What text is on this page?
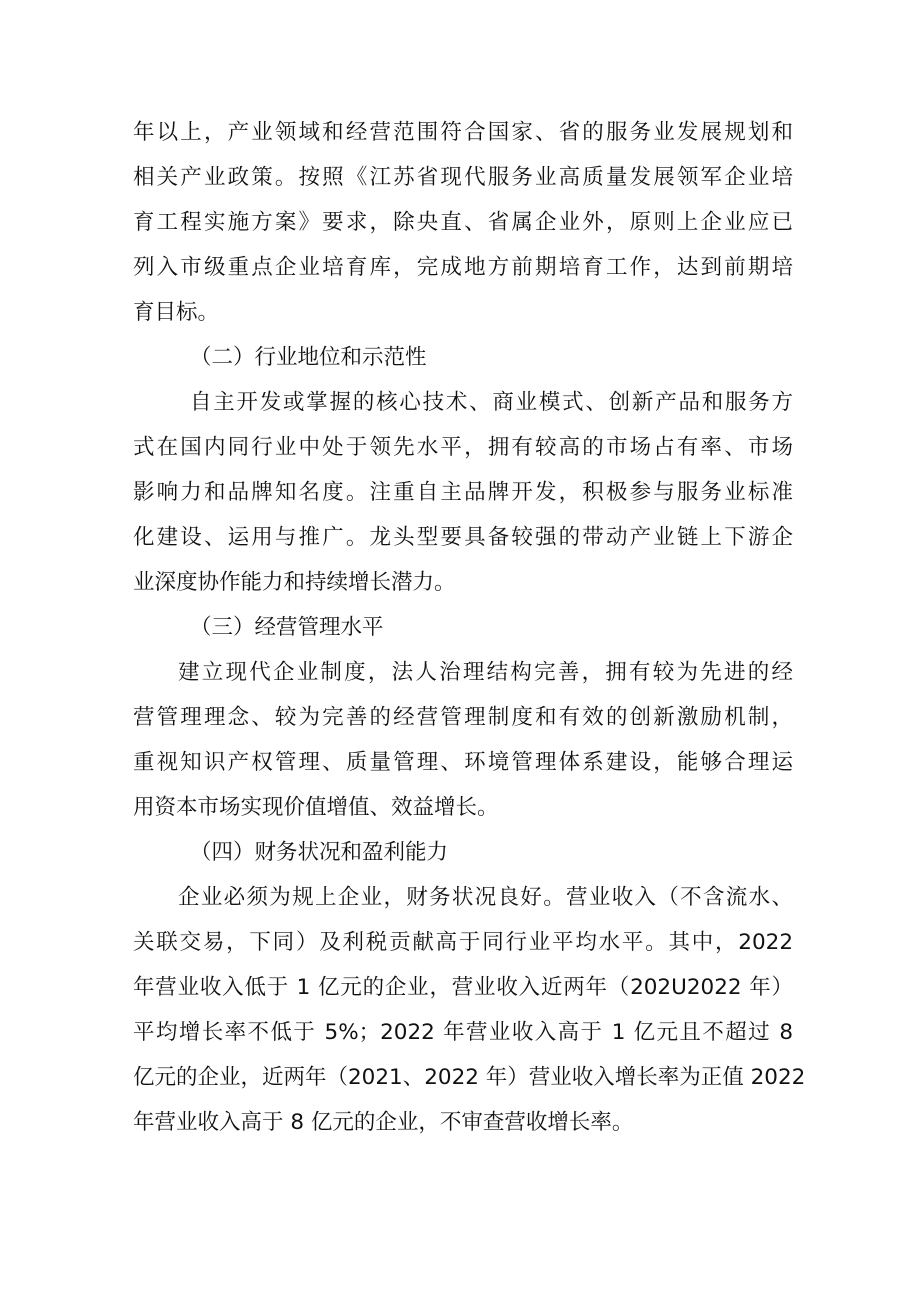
年以上，产业领域和经营范围符合国家、省的服务业发展规划和
相关产业政策。按照《江苏省现代服务业高质量发展领军企业培
育工程实施方案》要求，除央直、省属企业外，原则上企业应已
列入市级重点企业培育库，完成地方前期培育工作，达到前期培
育目标。
（二）行业地位和示范性
自主开发或掌握的核心技术、商业模式、创新产品和服务方
式在国内同行业中处于领先水平，拥有较高的市场占有率、市场
影响力和品牌知名度。注重自主品牌开发，积极参与服务业标准
化建设、运用与推广。龙头型要具备较强的带动产业链上下游企
业深度协作能力和持续增长潜力。
（三）经营管理水平
建立现代企业制度，法人治理结构完善，拥有较为先进的经
营管理理念、较为完善的经营管理制度和有效的创新激励机制，
重视知识产权管理、质量管理、环境管理体系建设，能够合理运
用资本市场实现价值增值、效益增长。
（四）财务状况和盈利能力
企业必须为规上企业，财务状况良好。营业收入（不含流水、
关联交易，下同）及利税贡献高于同行业平均水平。其中，2022
年营业收入低于 1 亿元的企业，营业收入近两年（202U2022 年）
平均增长率不低于 5%；2022 年营业收入高于 1 亿元且不超过 8
亿元的企业，近两年（2021、2022 年）营业收入增长率为正值 2022
年营业收入高于 8 亿元的企业，不审查营收增长率。
